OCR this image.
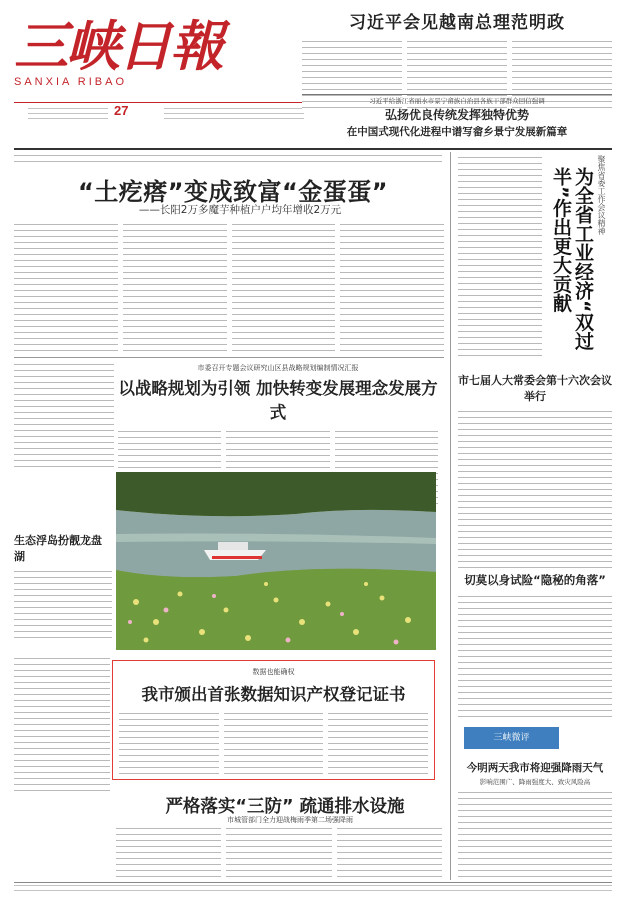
三峡日報
SANXIA RIBAO
27
习近平会见越南总理范明政
习近平给浙江省丽水市景宁畲族自治县各族干部群众回信强调
弘扬优良传统发挥独特优势
在中国式现代化进程中谱写畲乡景宁发展新篇章
“土疙瘩”变成致富“金蛋蛋”
——长阳2万多魔芋种植户户均年增收2万元
市委召开专题会议研究山区县战略规划编制情况汇报
以战略规划为引领 加快转变发展理念发展方式
生态浮岛扮靓龙盘湖
数据也能确权
我市颁出首张数据知识产权登记证书
严格落实“三防” 疏通排水设施
市城管部门全力迎战梅雨季第二场强降雨
聚焦省委工作会议精神
为全省工业经济“双过半”作出更大贡献
市七届人大常委会第十六次会议举行
切莫以身试险“隐秘的角落”
三峡微评
今明两天我市将迎强降雨天气
影响范围广、降雨强度大、致灾风险高
